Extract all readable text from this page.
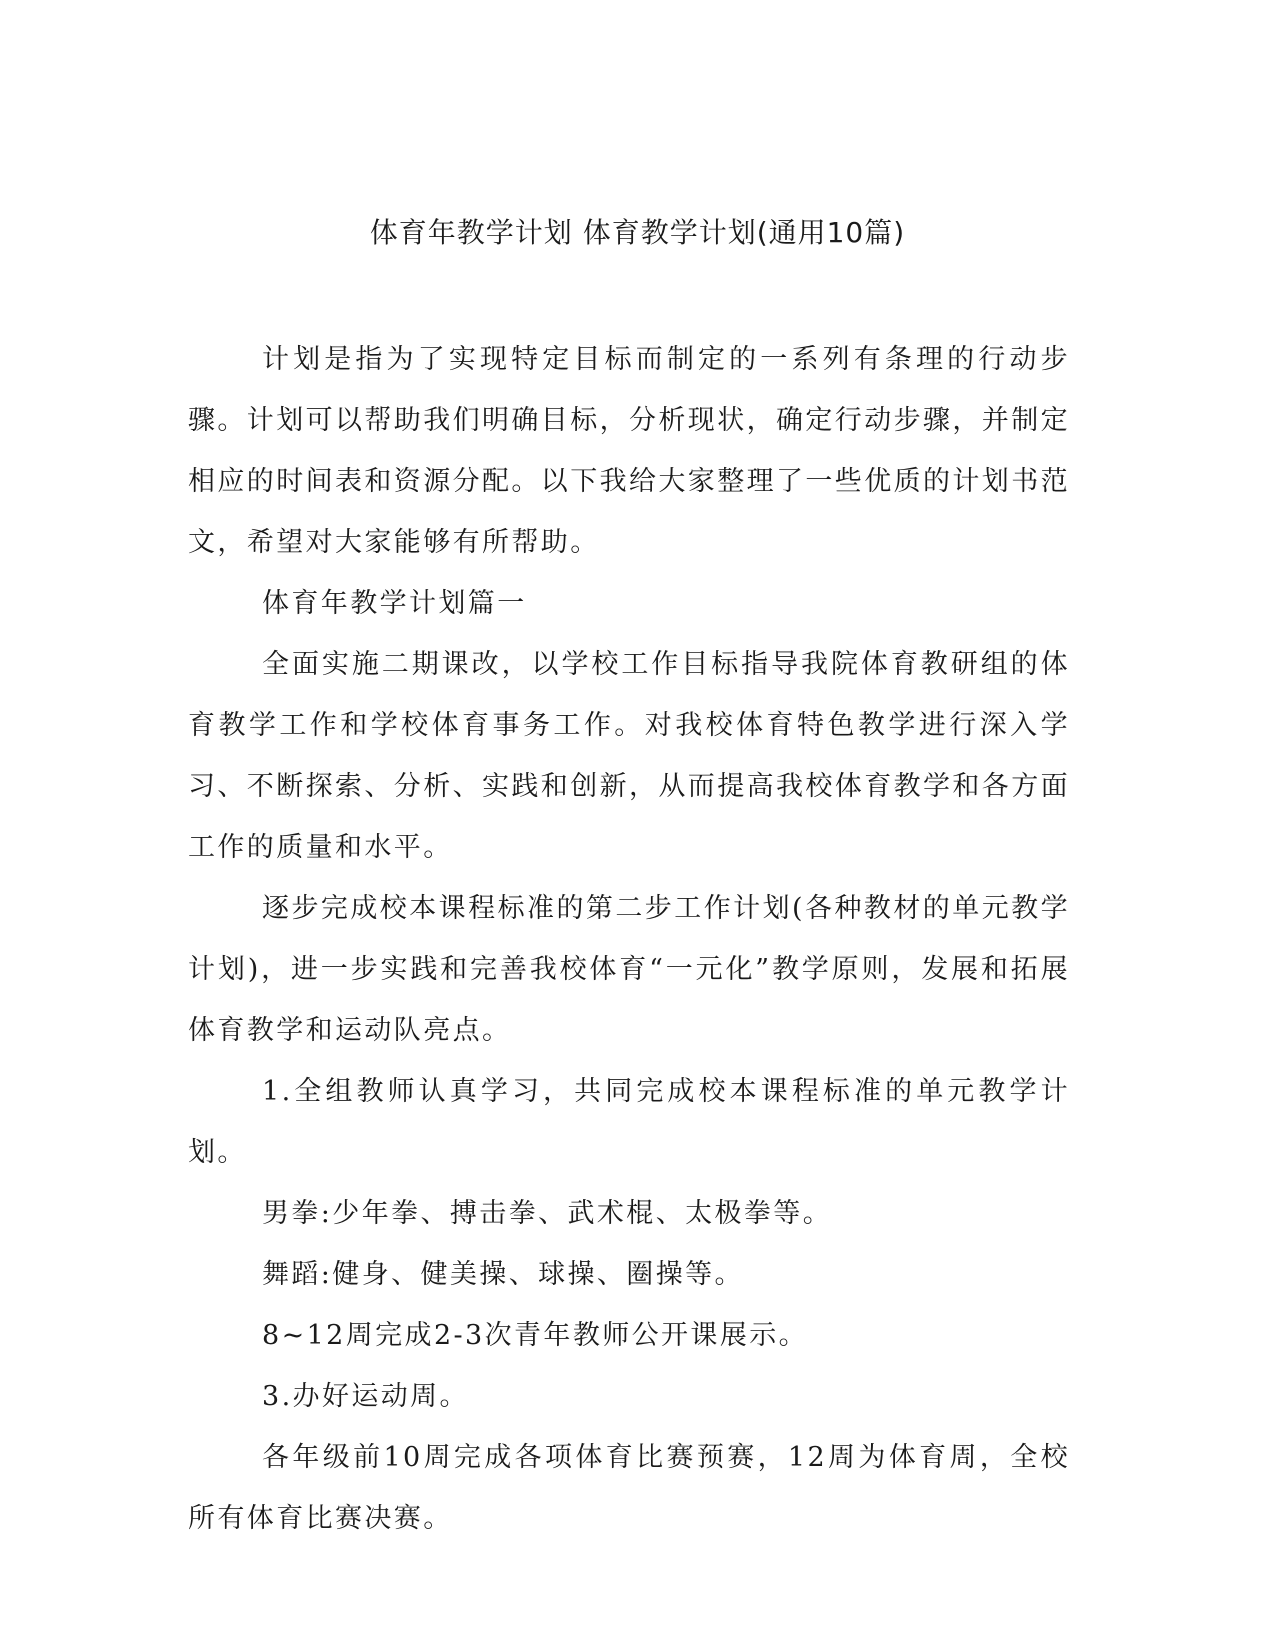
体育年教学计划 体育教学计划(通用10篇)

计划是指为了实现特定目标而制定的一系列有条理的行动步骤。计划可以帮助我们明确目标，分析现状，确定行动步骤，并制定相应的时间表和资源分配。以下我给大家整理了一些优质的计划书范文，希望对大家能够有所帮助。

体育年教学计划篇一

全面实施二期课改，以学校工作目标指导我院体育教研组的体育教学工作和学校体育事务工作。对我校体育特色教学进行深入学习、不断探索、分析、实践和创新，从而提高我校体育教学和各方面工作的质量和水平。

逐步完成校本课程标准的第二步工作计划(各种教材的单元教学计划)，进一步实践和完善我校体育“一元化”教学原则，发展和拓展体育教学和运动队亮点。

1.全组教师认真学习，共同完成校本课程标准的单元教学计划。

男拳:少年拳、搏击拳、武术棍、太极拳等。

舞蹈:健身、健美操、球操、圈操等。

8~12周完成2-3次青年教师公开课展示。

3.办好运动周。

各年级前10周完成各项体育比赛预赛，12周为体育周，全校所有体育比赛决赛。
